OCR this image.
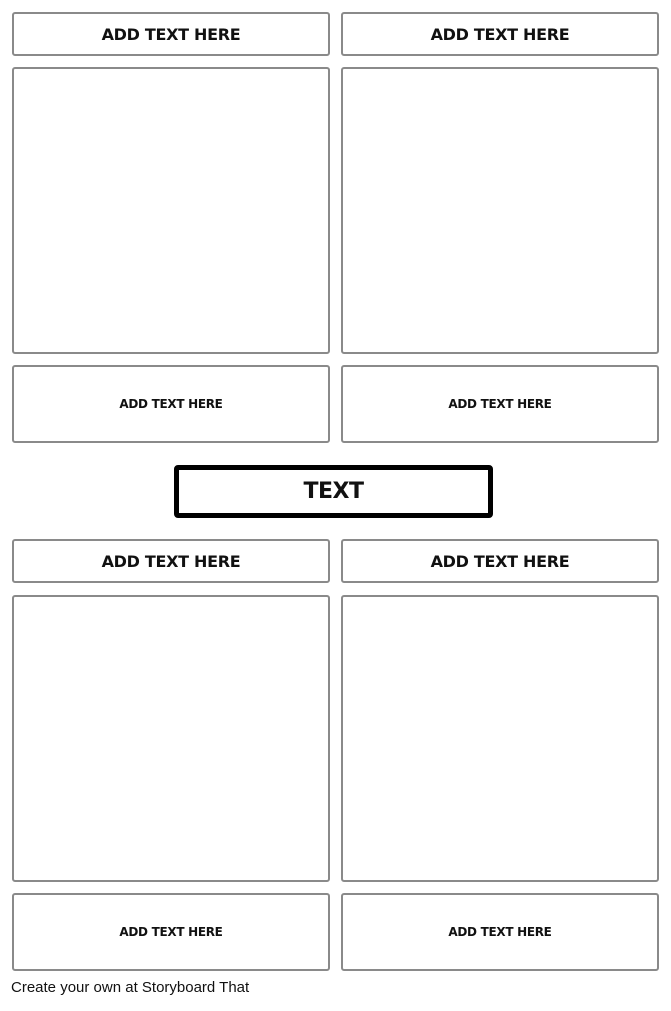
ADD TEXT HERE	ADD TEXT HERE
ADD TEXT HERE	ADD TEXT HERE
TEXT
ADD TEXT HERE	ADD TEXT HERE
ADD TEXT HERE	ADD TEXT HERE
Create your own at Storyboard That
